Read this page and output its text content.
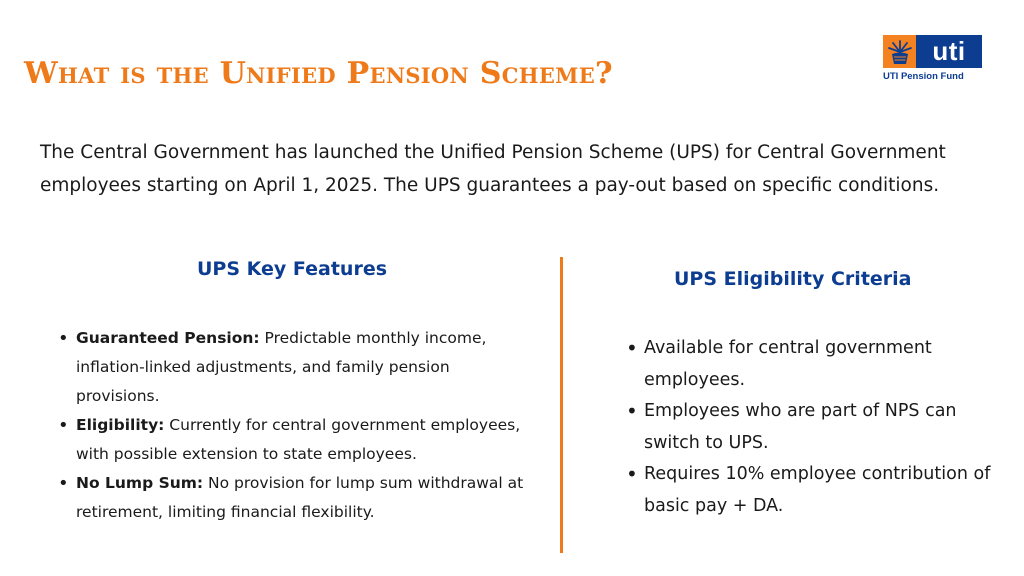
What is the Unified Pension Scheme?
uti
UTI Pension Fund

The Central Government has launched the Unified Pension Scheme (UPS) for Central Government employees starting on April 1, 2025. The UPS guarantees a pay-out based on specific conditions.

UPS Key Features	UPS Eligibility Criteria
• Guaranteed Pension: Predictable monthly income, inflation-linked adjustments, and family pension provisions.
• Eligibility: Currently for central government employees, with possible extension to state employees.
• No Lump Sum: No provision for lump sum withdrawal at retirement, limiting financial flexibility.
• Available for central government employees.
• Employees who are part of NPS can switch to UPS.
• Requires 10% employee contribution of basic pay + DA.
